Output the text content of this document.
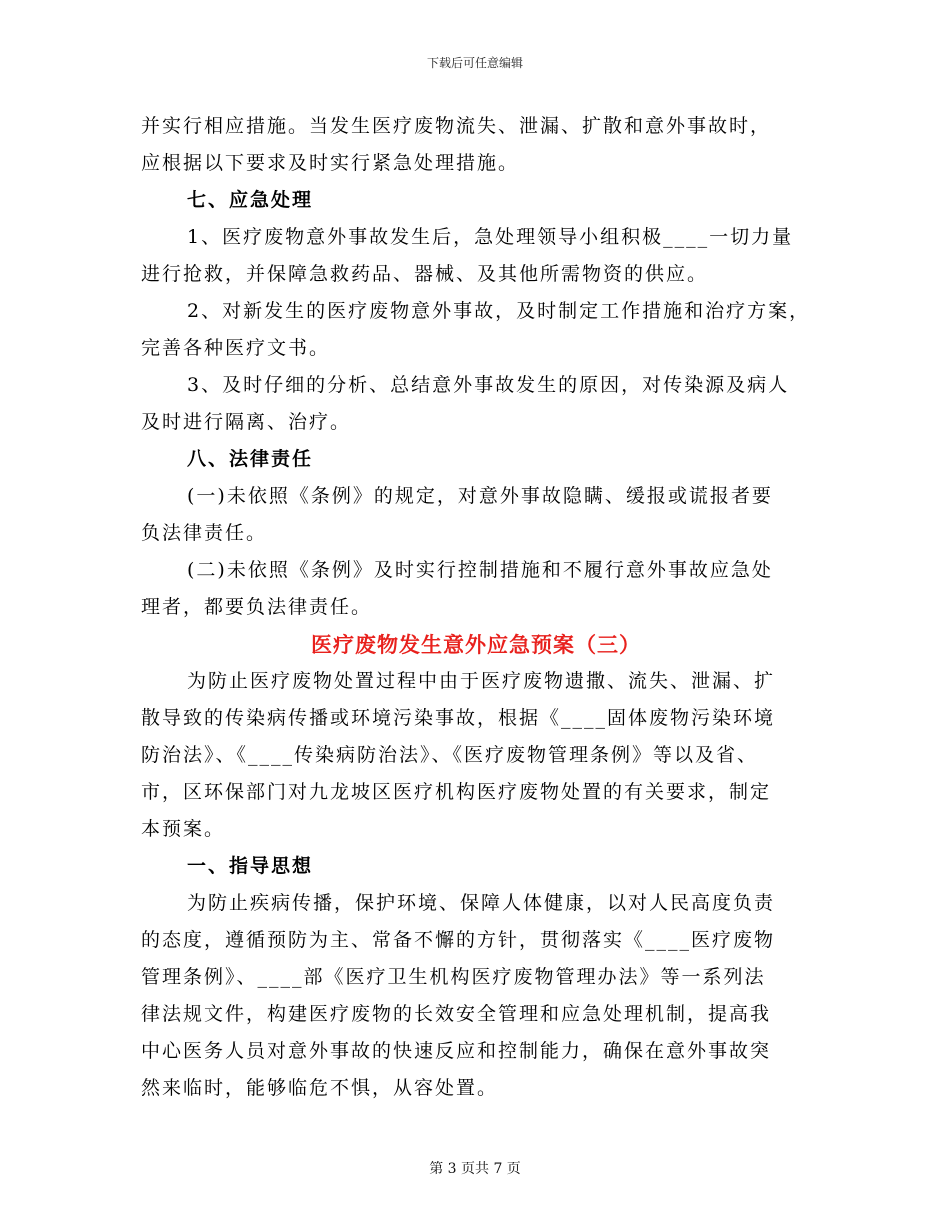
下载后可任意编辑
并实行相应措施。当发生医疗废物流失、泄漏、扩散和意外事故时，
应根据以下要求及时实行紧急处理措施。
七、应急处理
1、医疗废物意外事故发生后，急处理领导小组积极____一切力量
进行抢救，并保障急救药品、器械、及其他所需物资的供应。
2、对新发生的医疗废物意外事故，及时制定工作措施和治疗方案，
完善各种医疗文书。
3、及时仔细的分析、总结意外事故发生的原因，对传染源及病人
及时进行隔离、治疗。
八、法律责任
(一)未依照《条例》的规定，对意外事故隐瞒、缓报或谎报者要
负法律责任。
(二)未依照《条例》及时实行控制措施和不履行意外事故应急处
理者，都要负法律责任。
医疗废物发生意外应急预案（三）
为防止医疗废物处置过程中由于医疗废物遗撒、流失、泄漏、扩
散导致的传染病传播或环境污染事故，根据《____固体废物污染环境
防治法》、《____传染病防治法》、《医疗废物管理条例》等以及省、
市，区环保部门对九龙坡区医疗机构医疗废物处置的有关要求，制定
本预案。
一、指导思想
为防止疾病传播，保护环境、保障人体健康，以对人民高度负责
的态度，遵循预防为主、常备不懈的方针，贯彻落实《____医疗废物
管理条例》、____部《医疗卫生机构医疗废物管理办法》等一系列法
律法规文件，构建医疗废物的长效安全管理和应急处理机制，提高我
中心医务人员对意外事故的快速反应和控制能力，确保在意外事故突
然来临时，能够临危不惧，从容处置。
第 3 页共 7 页
